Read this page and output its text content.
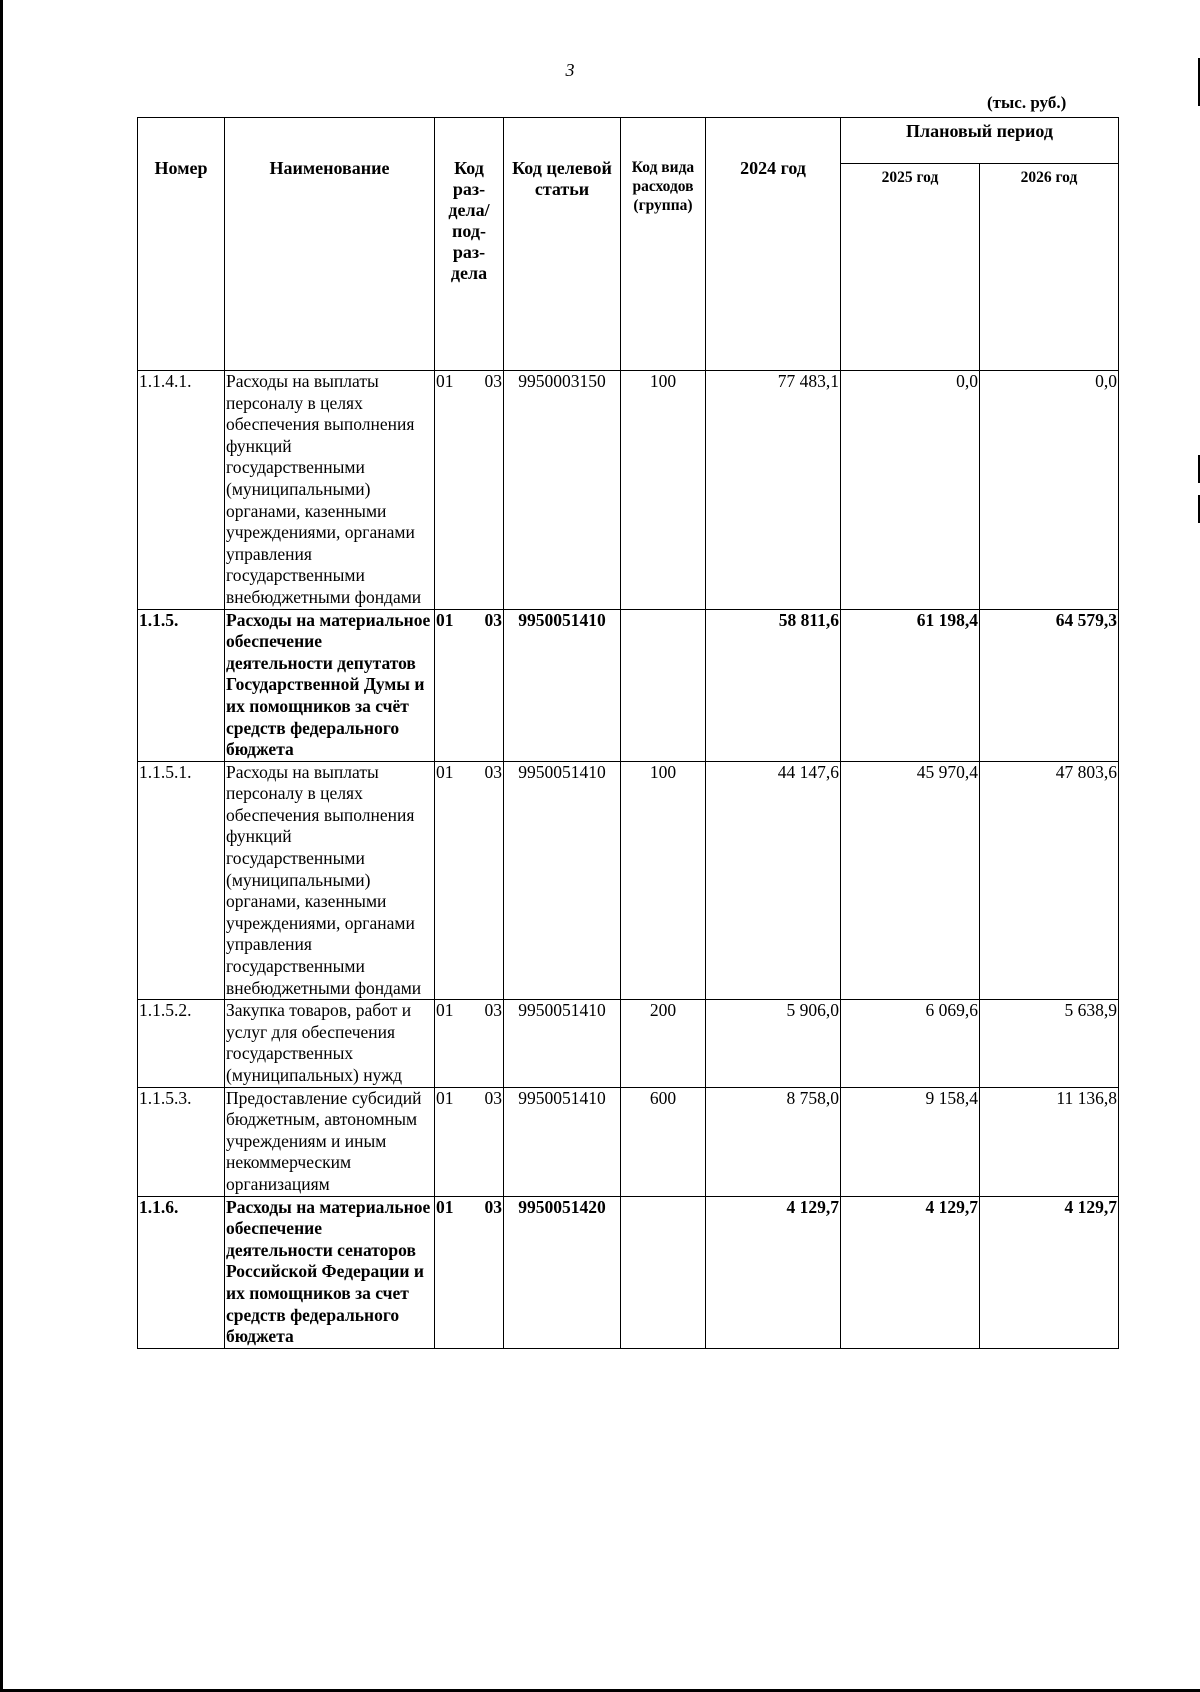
3
(тыс. руб.)
Номер	Наименование	Код раз-дела/ под-раз-дела	Код целевой статьи	Код вида расходов (группа)	2024 год	Плановый период	
						2025 год	2026 год
1.1.4.1.	Расходы на выплаты персоналу в целях обеспечения выполнения функций государственными (муниципальными) органами, казенными учреждениями, органами управления государственными внебюджетными фондами	01 03	9950003150	100	77 483,1	0,0	0,0
1.1.5.	Расходы на материальное обеспечение деятельности депутатов Государственной Думы и их помощников за счёт средств федерального бюджета	01 03	9950051410		58 811,6	61 198,4	64 579,3
1.1.5.1.	Расходы на выплаты персоналу в целях обеспечения выполнения функций государственными (муниципальными) органами, казенными учреждениями, органами управления государственными внебюджетными фондами	01 03	9950051410	100	44 147,6	45 970,4	47 803,6
1.1.5.2.	Закупка товаров, работ и услуг для обеспечения государственных (муниципальных) нужд	01 03	9950051410	200	5 906,0	6 069,6	5 638,9
1.1.5.3.	Предоставление субсидий бюджетным, автономным учреждениям и иным некоммерческим организациям	01 03	9950051410	600	8 758,0	9 158,4	11 136,8
1.1.6.	Расходы на материальное обеспечение деятельности сенаторов Российской Федерации и их помощников за счет средств федерального бюджета	01 03	9950051420		4 129,7	4 129,7	4 129,7
